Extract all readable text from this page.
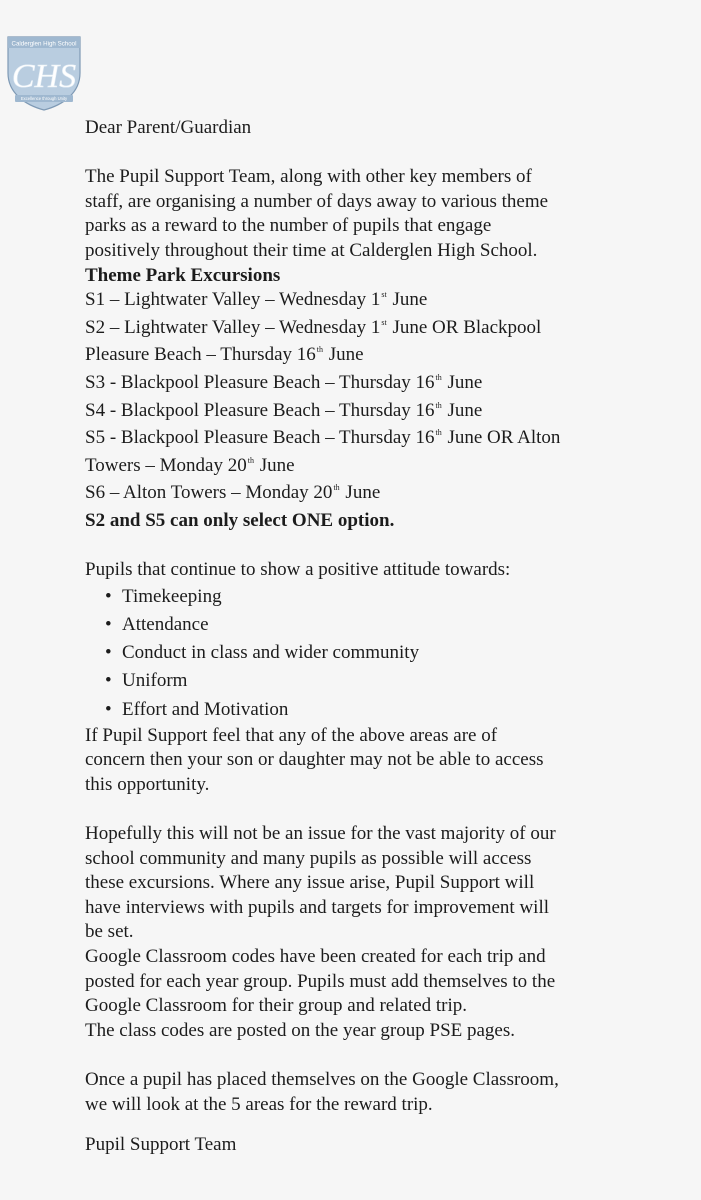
Calderglen High School
CHS
Excellence through Unity
Dear Parent/Guardian
The Pupil Support Team, along with other key members of
staff, are organising a number of days away to various theme
parks as a reward to the number of pupils that engage
positively throughout their time at Calderglen High School.
Theme Park Excursions
S1 – Lightwater Valley – Wednesday 1st June
S2 – Lightwater Valley – Wednesday 1st June OR Blackpool
Pleasure Beach – Thursday 16th June
S3 - Blackpool Pleasure Beach – Thursday 16th June
S4 - Blackpool Pleasure Beach – Thursday 16th June
S5 - Blackpool Pleasure Beach – Thursday 16th June OR Alton
Towers – Monday 20th June
S6 – Alton Towers – Monday 20th June
S2 and S5 can only select ONE option.
Pupils that continue to show a positive attitude towards:
• Timekeeping
• Attendance
• Conduct in class and wider community
• Uniform
• Effort and Motivation
If Pupil Support feel that any of the above areas are of
concern then your son or daughter may not be able to access
this opportunity.
Hopefully this will not be an issue for the vast majority of our
school community and many pupils as possible will access
these excursions. Where any issue arise, Pupil Support will
have interviews with pupils and targets for improvement will
be set.
Google Classroom codes have been created for each trip and
posted for each year group. Pupils must add themselves to the
Google Classroom for their group and related trip.
The class codes are posted on the year group PSE pages.
Once a pupil has placed themselves on the Google Classroom,
we will look at the 5 areas for the reward trip.
Pupil Support Team
